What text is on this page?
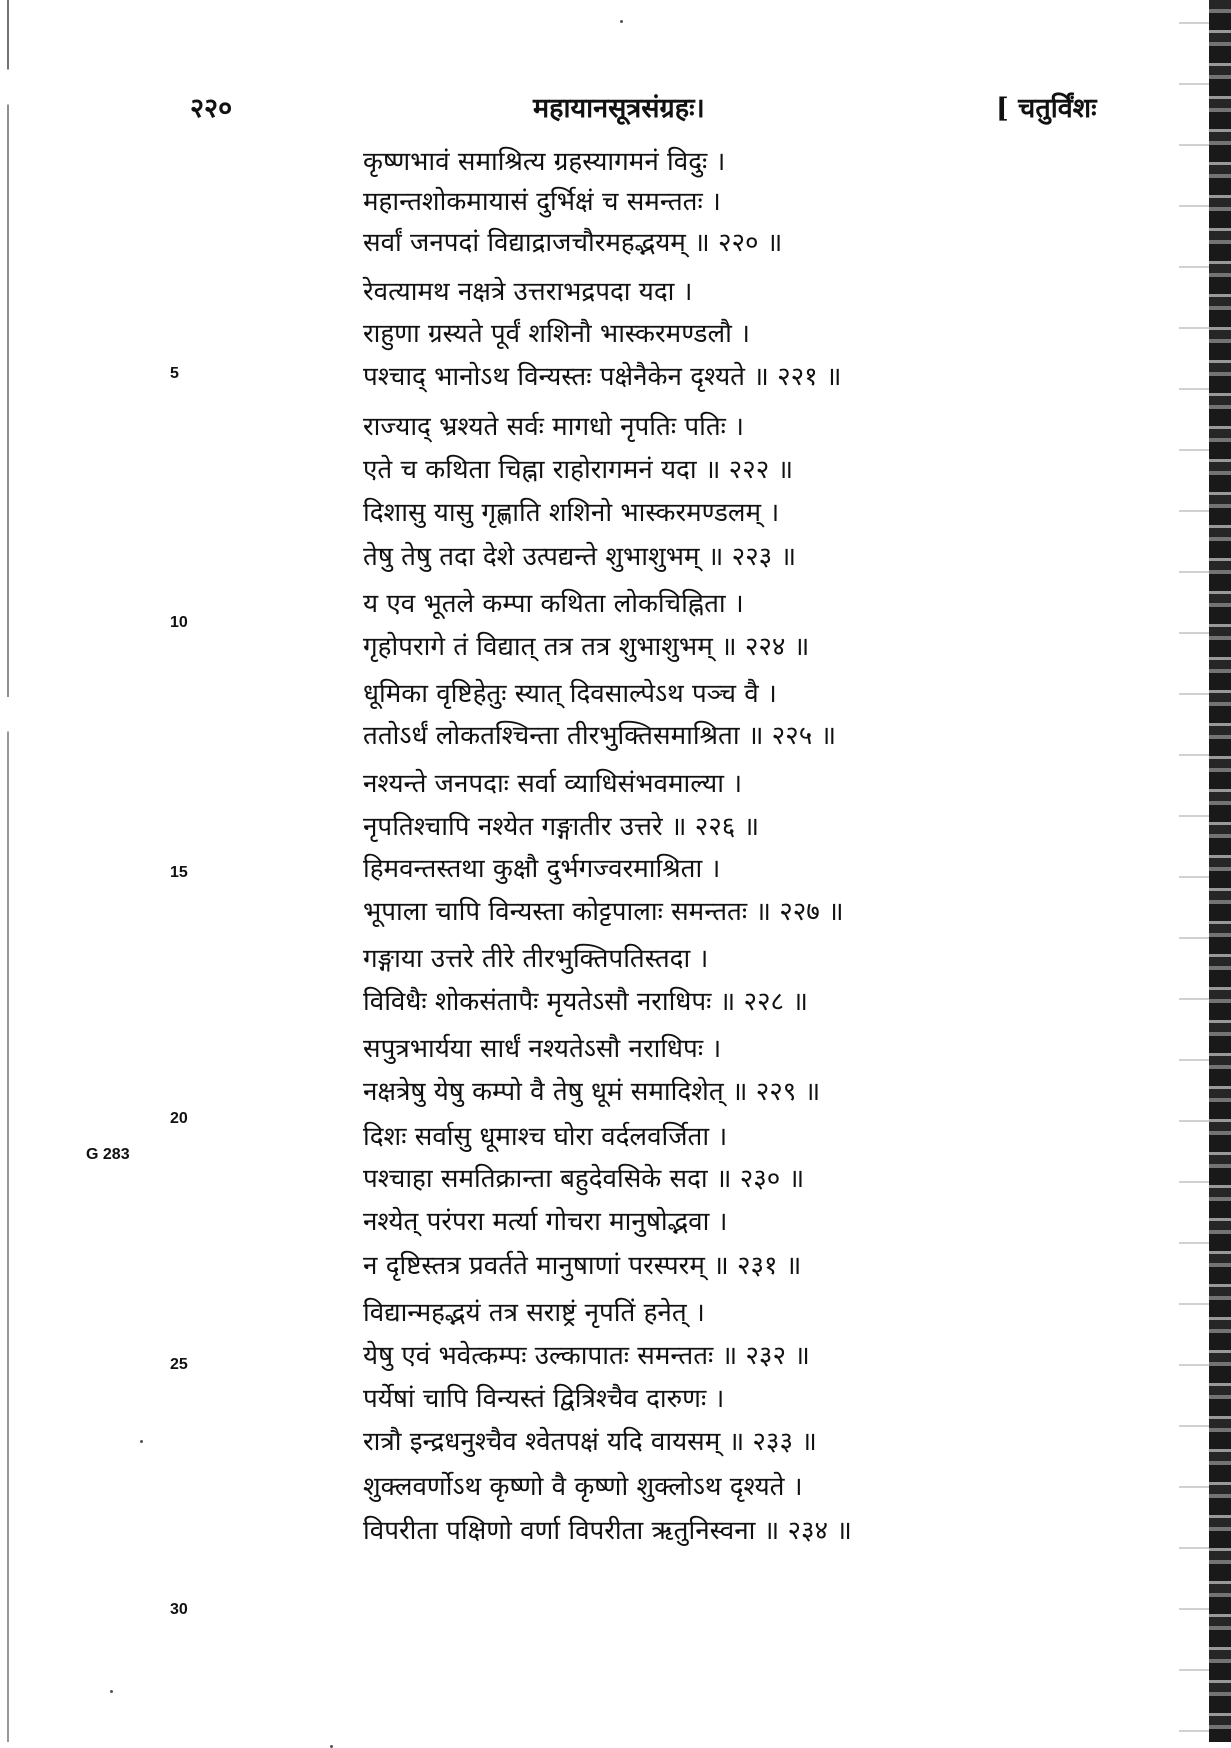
२२०	महायानसूत्रसंग्रहः।	[ चतुर्विंशः
G 283
कृष्णभावं समाश्रित्य ग्रहस्यागमनं विदुः ।
महान्तशोकमायासं दुर्भिक्षं च समन्ततः ।
सर्वां जनपदां विद्याद्राजचौरमहद्भयम् ॥ २२० ॥
रेवत्यामथ नक्षत्रे उत्तराभद्रपदा यदा ।
राहुणा ग्रस्यते पूर्वं शशिनौ भास्करमण्डलौ ।
पश्चाद् भानोऽथ विन्यस्तः पक्षेनैकेन दृश्यते ॥ २२१ ॥
राज्याद् भ्रश्यते सर्वः मागधो नृपतिः पतिः ।
एते च कथिता चिह्ना राहोरागमनं यदा ॥ २२२ ॥
दिशासु यासु गृह्णाति शशिनो भास्करमण्डलम् ।
तेषु तेषु तदा देशे उत्पद्यन्ते शुभाशुभम् ॥ २२३ ॥
य एव भूतले कम्पा कथिता लोकचिह्निता ।
गृहोपरागे तं विद्यात् तत्र तत्र शुभाशुभम् ॥ २२४ ॥
धूमिका वृष्टिहेतुः स्यात् दिवसाल्पेऽथ पञ्च वै ।
ततोऽर्धं लोकतश्चिन्ता तीरभुक्तिसमाश्रिता ॥ २२५ ॥
नश्यन्ते जनपदाः सर्वा व्याधिसंभवमाल्या ।
नृपतिश्चापि नश्येत गङ्गातीर उत्तरे ॥ २२६ ॥
हिमवन्तस्तथा कुक्षौ दुर्भगज्वरमाश्रिता ।
भूपाला चापि विन्यस्ता कोट्टपालाः समन्ततः ॥ २२७ ॥
गङ्गाया उत्तरे तीरे तीरभुक्तिपतिस्तदा ।
विविधैः शोकसंतापैः मृयतेऽसौ नराधिपः ॥ २२८ ॥
सपुत्रभार्यया सार्धं नश्यतेऽसौ नराधिपः ।
नक्षत्रेषु येषु कम्पो वै तेषु धूमं समादिशेत् ॥ २२९ ॥
दिशः सर्वासु धूमाश्च घोरा वर्दलवर्जिता ।
पश्चाहा समतिक्रान्ता बहुदेवसिके सदा ॥ २३० ॥
नश्येत् परंपरा मर्त्या गोचरा मानुषोद्भवा ।
न दृष्टिस्तत्र प्रवर्तते मानुषाणां परस्परम् ॥ २३१ ॥
विद्यान्महद्भयं तत्र सराष्ट्रं नृपतिं हनेत् ।
येषु एवं भवेत्कम्पः उल्कापातः समन्ततः ॥ २३२ ॥
पर्येषां चापि विन्यस्तं द्वित्रिश्चैव दारुणः ।
रात्रौ इन्द्रधनुश्चैव श्वेतपक्षं यदि वायसम् ॥ २३३ ॥
शुक्लवर्णोऽथ कृष्णो वै कृष्णो शुक्लोऽथ दृश्यते ।
विपरीता पक्षिणो वर्णा विपरीता ऋतुनिस्वना ॥ २३४ ॥
5
10
15
20
25
30
